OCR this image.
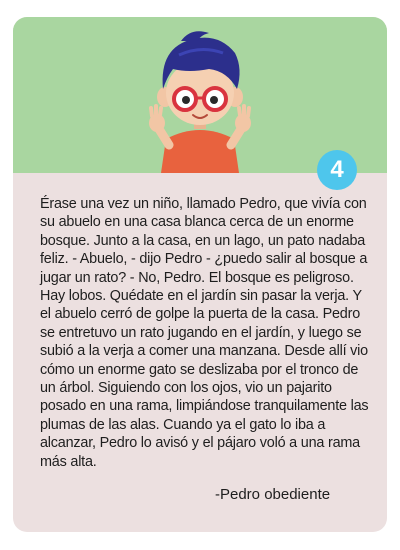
4

Érase una vez un niño, llamado Pedro, que vivía con su abuelo en una casa blanca cerca de un enorme bosque. Junto a la casa, en un lago, un pato nadaba feliz. - Abuelo, - dijo Pedro - ¿puedo salir al bosque a jugar un rato? - No, Pedro. El bosque es peligroso. Hay lobos. Quédate en el jardín sin pasar la verja. Y el abuelo cerró de golpe la puerta de la casa. Pedro se entretuvo un rato jugando en el jardín, y luego se subió a la verja a comer una manzana. Desde allí vio cómo un enorme gato se deslizaba por el tronco de un árbol. Siguiendo con los ojos, vio un pajarito posado en una rama, limpiándose tranquilamente las plumas de las alas. Cuando ya el gato lo iba a alcanzar, Pedro lo avisó y el pájaro voló a una rama más alta.

-Pedro obediente
